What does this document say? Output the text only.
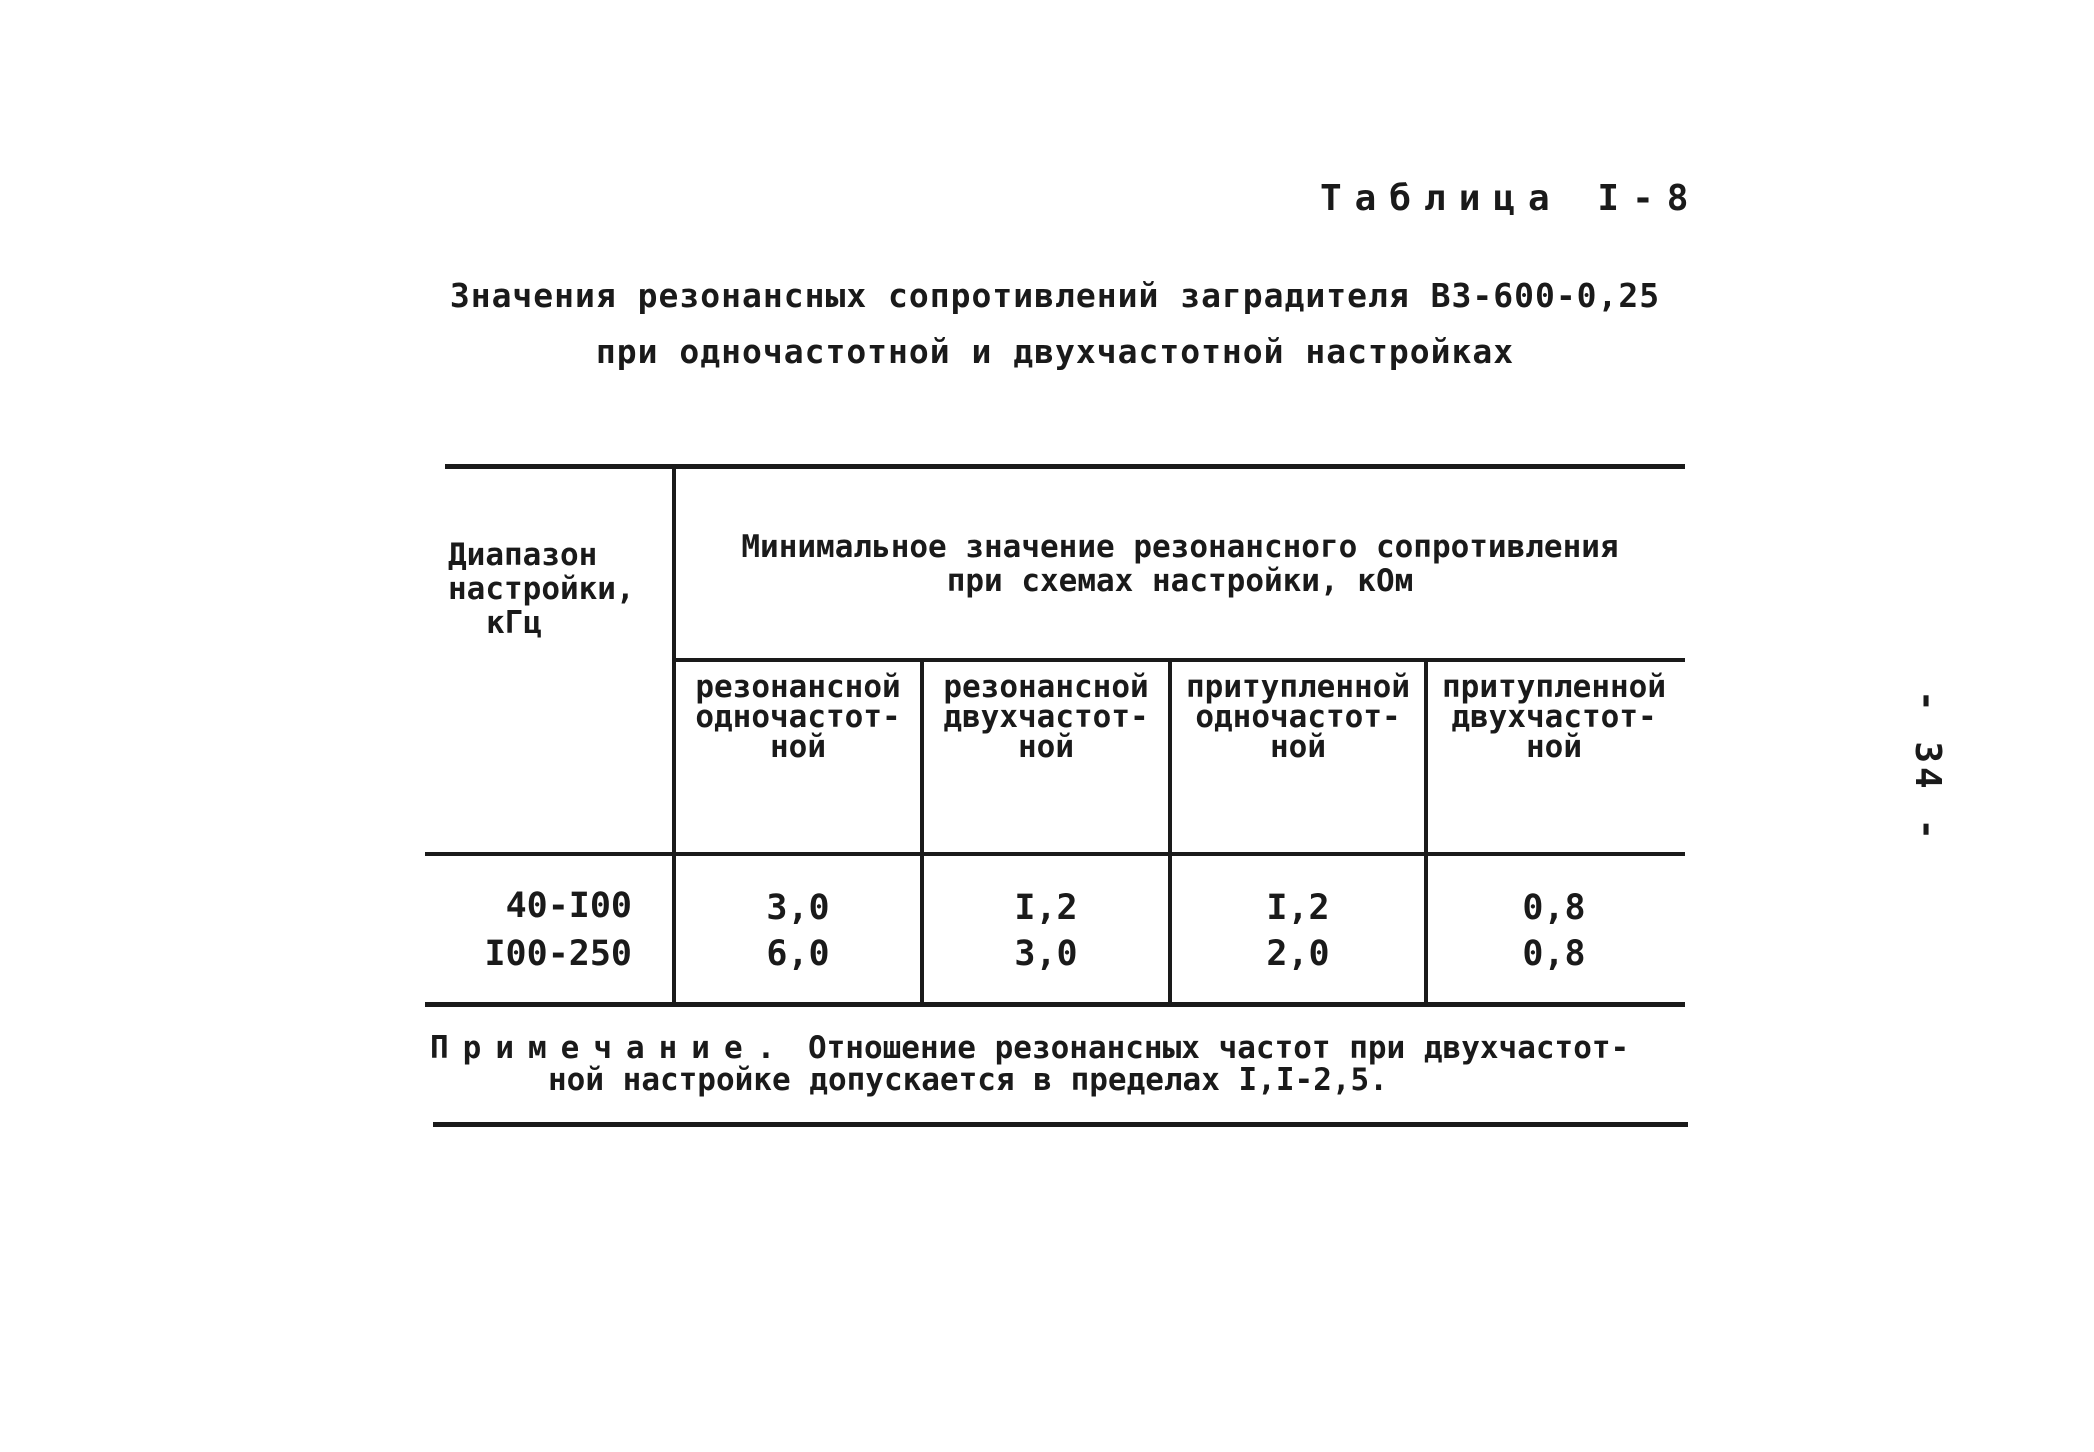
Таблица I-8
Значения резонансных сопротивлений заградителя ВЗ-600-0,25
при одночастотной и двухчастотной настройках
Диапазон
настройки,
кГц
Минимальное значение резонансного сопротивления
при схемах настройки, кОм
резонансной
одночастот-
ной
резонансной
двухчастот-
ной
притупленной
одночастот-
ной
притупленной
двухчастот-
ной
40-I00	3,0	I,2	I,2	0,8
I00-250	6,0	3,0	2,0	0,8
Примечание. Отношение резонансных частот при двухчастот-
ной настройке допускается в пределах I,I-2,5.
- 34 -
